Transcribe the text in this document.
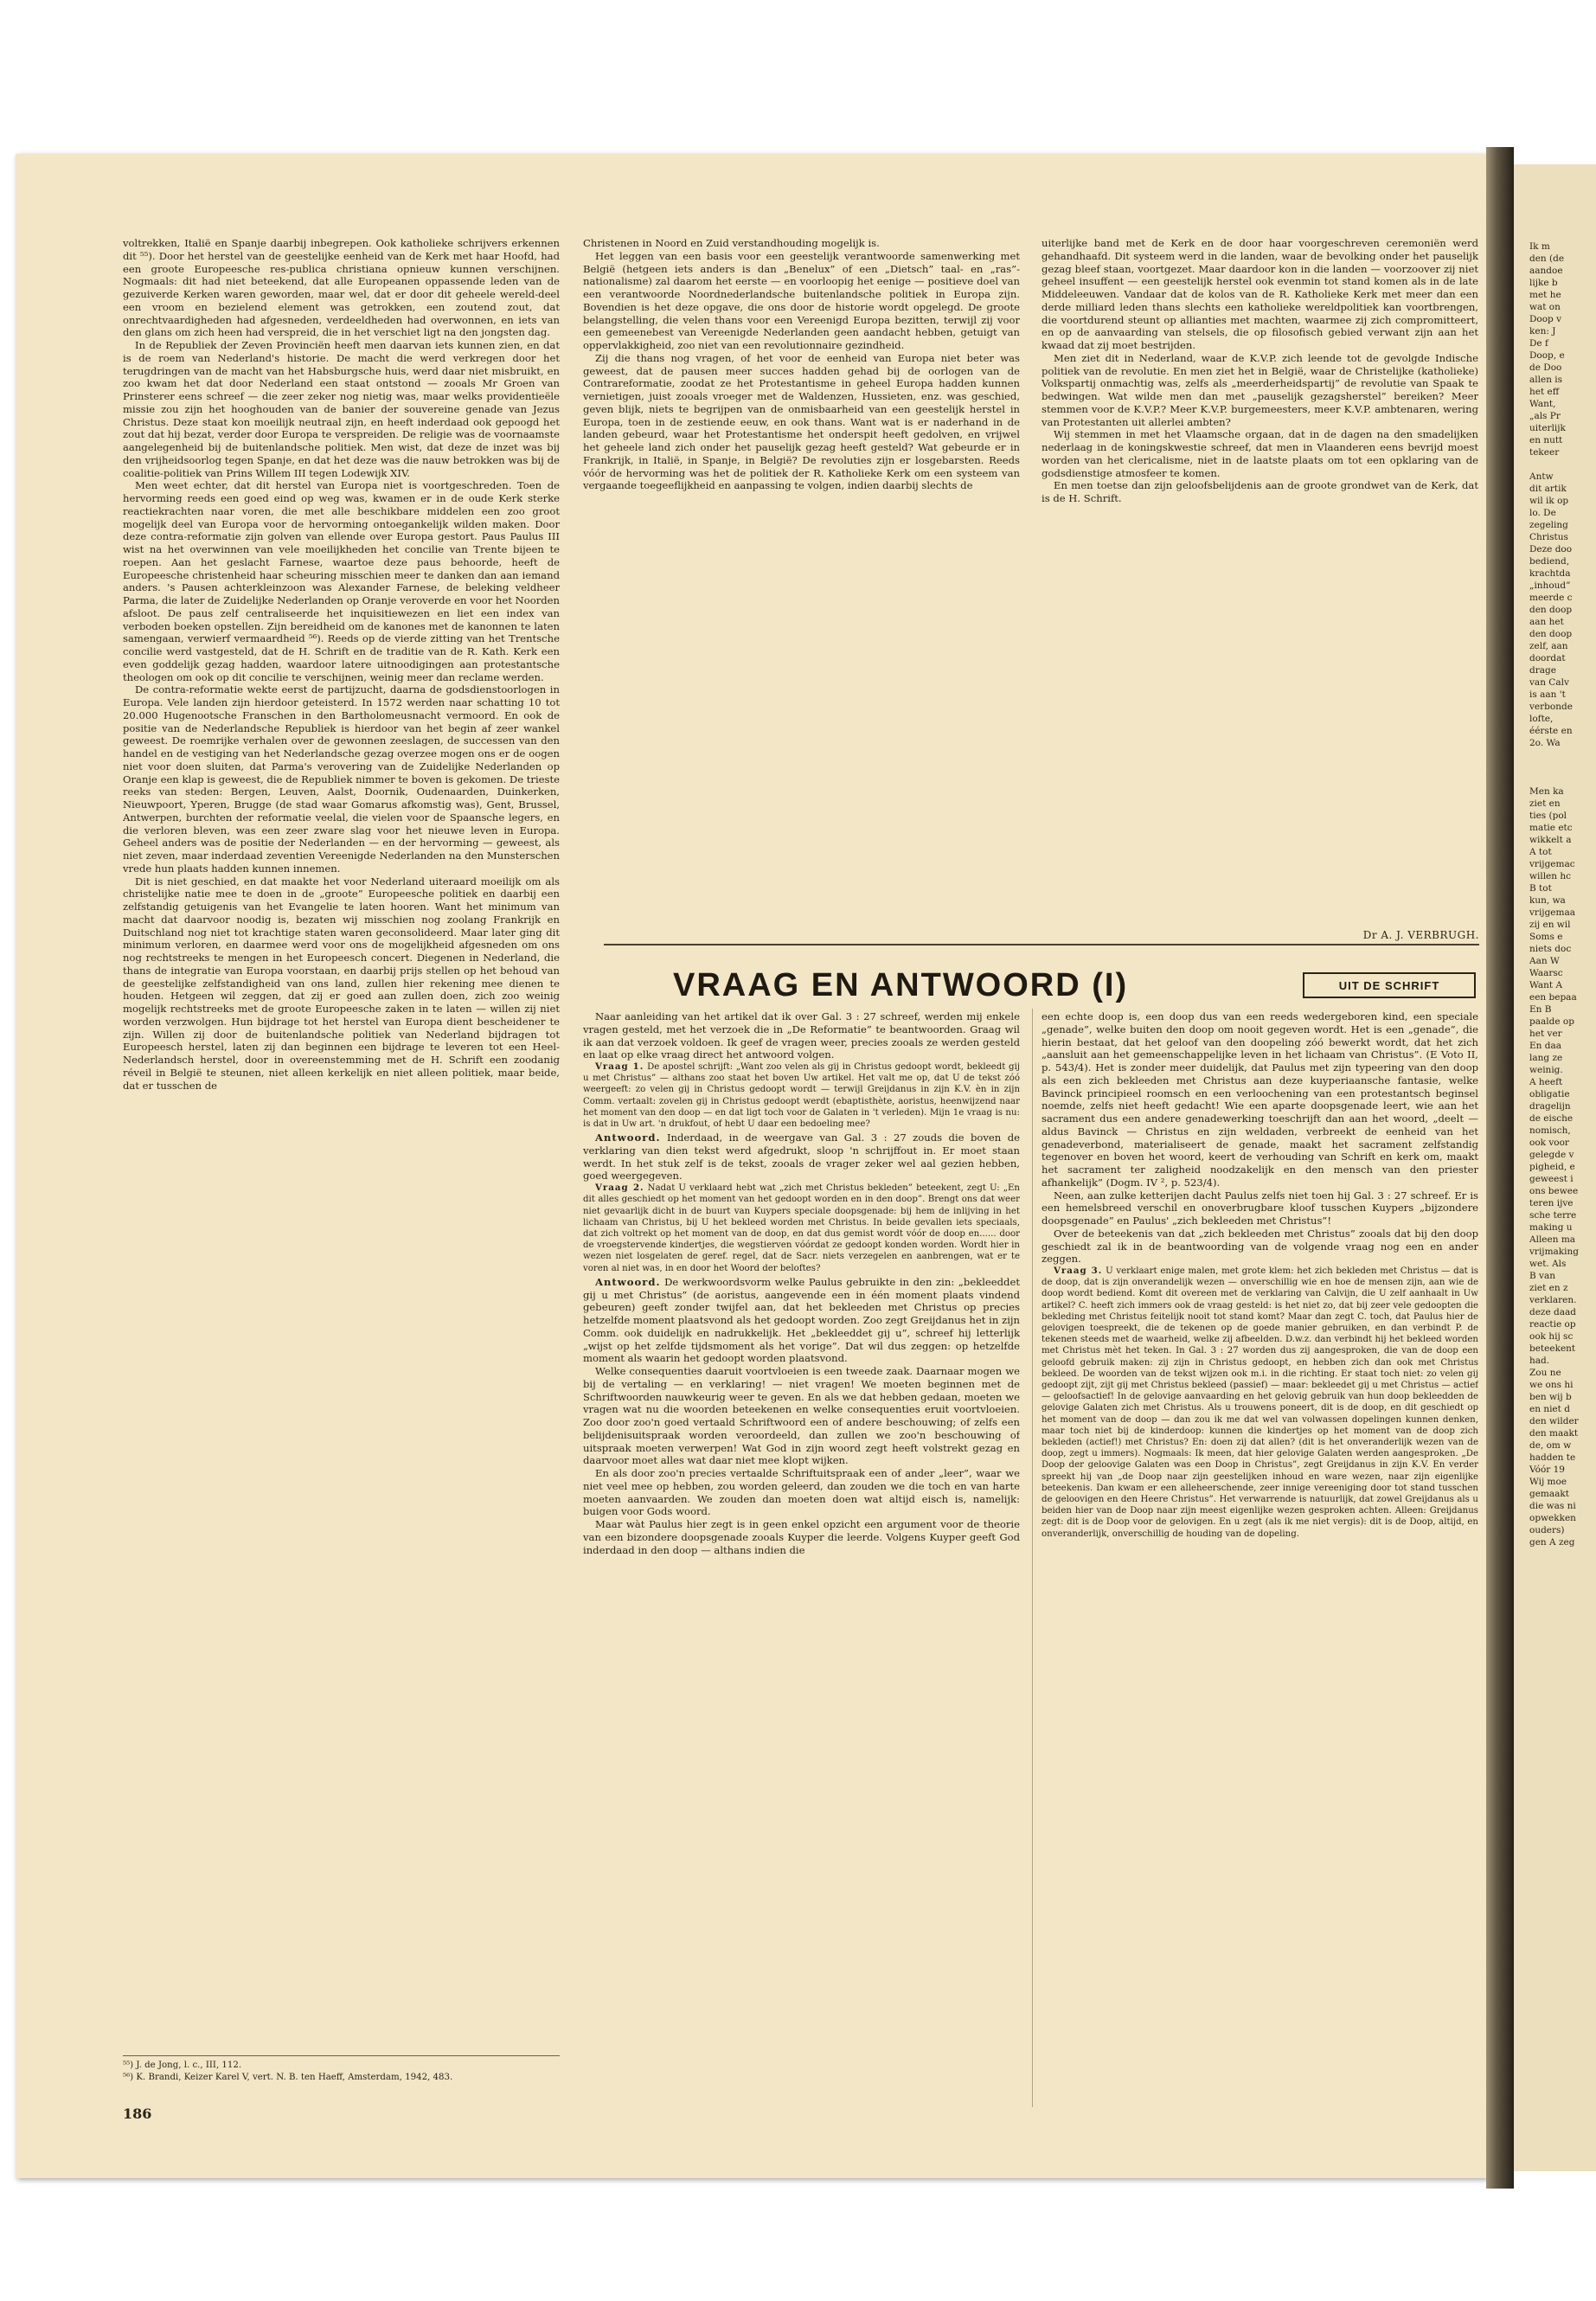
voltrekken, Italië en Spanje daarbij inbegrepen. Ook katholieke schrijvers erkennen dit ⁵⁵). Door het herstel van de geestelijke eenheid van de Kerk met haar Hoofd, had een groote Europeesche res-publica christiana opnieuw kunnen verschijnen. Nogmaals: dit had niet beteekend, dat alle Europeanen oppassende leden van de gezuiverde Kerken waren geworden, maar wel, dat er door dit geheele wereld-deel een vroom en bezielend element was getrokken, een zoutend zout, dat onrechtvaardigheden had afgesneden, verdeeldheden had overwonnen, en iets van den glans om zich heen had verspreid, die in het verschiet ligt na den jongsten dag.

In de Republiek der Zeven Provinciën heeft men daarvan iets kunnen zien, en dat is de roem van Nederland's historie. De macht die werd verkregen door het terugdringen van de macht van het Habsburgsche huis, werd daar niet misbruikt, en zoo kwam het dat door Nederland een staat ontstond — zooals Mr Groen van Prinsterer eens schreef — die zeer zeker nog nietig was, maar welks providentieële missie zou zijn het hooghouden van de banier der souvereine genade van Jezus Christus. Deze staat kon moeilijk neutraal zijn, en heeft inderdaad ook gepoogd het zout dat hij bezat, verder door Europa te verspreiden. De religie was de voornaamste aangelegenheid bij de buitenlandsche politiek. Men wist, dat deze de inzet was bij den vrijheidsoorlog tegen Spanje, en dat het deze was die nauw betrokken was bij de coalitie-politiek van Prins Willem III tegen Lodewijk XIV.

Men weet echter, dat dit herstel van Europa niet is voortgeschreden. Toen de hervorming reeds een goed eind op weg was, kwamen er in de oude Kerk sterke reactiekrachten naar voren, die met alle beschikbare middelen een zoo groot mogelijk deel van Europa voor de hervorming ontoegankelijk wilden maken. Door deze contra-reformatie zijn golven van ellende over Europa gestort. Paus Paulus III wist na het overwinnen van vele moeilijkheden het concilie van Trente bijeen te roepen. Aan het geslacht Farnese, waartoe deze paus behoorde, heeft de Europeesche christenheid haar scheuring misschien meer te danken dan aan iemand anders. 's Pausen achterkleinzoon was Alexander Farnese, de beleking veldheer Parma, die later de Zuidelijke Nederlanden op Oranje veroverde en voor het Noorden afsloot. De paus zelf centraliseerde het inquisitiewezen en liet een index van verboden boeken opstellen. Zijn bereidheid om de kanones met de kanonnen te laten samengaan, verwierf vermaardheid ⁵⁶). Reeds op de vierde zitting van het Trentsche concilie werd vastgesteld, dat de H. Schrift en de traditie van de R. Kath. Kerk een even goddelijk gezag hadden, waardoor latere uitnoodigingen aan protestantsche theologen om ook op dit concilie te verschijnen, weinig meer dan reclame werden.

De contra-reformatie wekte eerst de partijzucht, daarna de godsdienstoorlogen in Europa. Vele landen zijn hierdoor geteisterd. In 1572 werden naar schatting 10 tot 20.000 Hugenootsche Franschen in den Bartholomeusnacht vermoord. En ook de positie van de Nederlandsche Republiek is hierdoor van het begin af zeer wankel geweest. De roemrijke verhalen over de gewonnen zeeslagen, de successen van den handel en de vestiging van het Nederlandsche gezag overzee mogen ons er de oogen niet voor doen sluiten, dat Parma's verovering van de Zuidelijke Nederlanden op Oranje een klap is geweest, die de Republiek nimmer te boven is gekomen. De trieste reeks van steden: Bergen, Leuven, Aalst, Doornik, Oudenaarden, Duinkerken, Nieuwpoort, Yperen, Brugge (de stad waar Gomarus afkomstig was), Gent, Brussel, Antwerpen, burchten der reformatie veelal, die vielen voor de Spaansche legers, en die verloren bleven, was een zeer zware slag voor het nieuwe leven in Europa. Geheel anders was de positie der Nederlanden — en der hervorming — geweest, als niet zeven, maar inderdaad zeventien Vereenigde Nederlanden na den Munsterschen vrede hun plaats hadden kunnen innemen.

Dit is niet geschied, en dat maakte het voor Nederland uiteraard moeilijk om als christelijke natie mee te doen in de „groote” Europeesche politiek en daarbij een zelfstandig getuigenis van het Evangelie te laten hooren. Want het minimum van macht dat daarvoor noodig is, bezaten wij misschien nog zoolang Frankrijk en Duitschland nog niet tot krachtige staten waren geconsolideerd. Maar later ging dit minimum verloren, en daarmee werd voor ons de mogelijkheid afgesneden om ons nog rechtstreeks te mengen in het Europeesch concert. Diegenen in Nederland, die thans de integratie van Europa voorstaan, en daarbij prijs stellen op het behoud van de geestelijke zelfstandigheid van ons land, zullen hier rekening mee dienen te houden. Hetgeen wil zeggen, dat zij er goed aan zullen doen, zich zoo weinig mogelijk rechtstreeks met de groote Europeesche zaken in te laten — willen zij niet worden verzwolgen. Hun bijdrage tot het herstel van Europa dient bescheidener te zijn. Willen zij door de buitenlandsche politiek van Nederland bijdragen tot Europeesch herstel, laten zij dan beginnen een bijdrage te leveren tot een Heel-Nederlandsch herstel, door in overeenstemming met de H. Schrift een zoodanig réveil in België te steunen, niet alleen kerkelijk en niet alleen politiek, maar beide, dat er tusschen de

⁵⁵) J. de Jong, l. c., III, 112.
⁵⁶) K. Brandi, Keizer Karel V, vert. N. B. ten Haeff, Amsterdam, 1942, 483.
186

Christenen in Noord en Zuid verstandhouding mogelijk is.

Het leggen van een basis voor een geestelijk verantwoorde samenwerking met België (hetgeen iets anders is dan „Benelux” of een „Dietsch” taal- en „ras”-nationalisme) zal daarom het eerste — en voorloopig het eenige — positieve doel van een verantwoorde Noordnederlandsche buitenlandsche politiek in Europa zijn. Bovendien is het deze opgave, die ons door de historie wordt opgelegd. De groote belangstelling, die velen thans voor een Vereenigd Europa bezitten, terwijl zij voor een gemeenebest van Vereenigde Nederlanden geen aandacht hebben, getuigt van oppervlakkigheid, zoo niet van een revolutionnaire gezindheid.

Zij die thans nog vragen, of het voor de eenheid van Europa niet beter was geweest, dat de pausen meer succes hadden gehad bij de oorlogen van de Contrareformatie, zoodat ze het Protestantisme in geheel Europa hadden kunnen vernietigen, juist zooals vroeger met de Waldenzen, Hussieten, enz. was geschied, geven blijk, niets te begrijpen van de onmisbaarheid van een geestelijk herstel in Europa, toen in de zestiende eeuw, en ook thans. Want wat is er naderhand in de landen gebeurd, waar het Protestantisme het onderspit heeft gedolven, en vrijwel het geheele land zich onder het pauselijk gezag heeft gesteld? Wat gebeurde er in Frankrijk, in Italië, in Spanje, in België? De revoluties zijn er losgebarsten. Reeds vóór de hervorming was het de politiek der R. Katholieke Kerk om een systeem van vergaande toegeeflijkheid en aanpassing te volgen, indien daarbij slechts de

uiterlijke band met de Kerk en de door haar voorgeschreven ceremoniën werd gehandhaafd. Dit systeem werd in die landen, waar de bevolking onder het pauselijk gezag bleef staan, voortgezet. Maar daardoor kon in die landen — voorzoover zij niet geheel insuffent — een geestelijk herstel ook evenmin tot stand komen als in de late Middeleeuwen. Vandaar dat de kolos van de R. Katholieke Kerk met meer dan een derde milliard leden thans slechts een katholieke wereldpolitiek kan voortbrengen, die voortdurend steunt op allianties met machten, waarmee zij zich compromitteert, en op de aanvaarding van stelsels, die op filosofisch gebied verwant zijn aan het kwaad dat zij moet bestrijden.

Men ziet dit in Nederland, waar de K.V.P. zich leende tot de gevolgde Indische politiek van de revolutie. En men ziet het in België, waar de Christelijke (katholieke) Volkspartij onmachtig was, zelfs als „meerderheidspartij” de revolutie van Spaak te bedwingen. Wat wilde men dan met „pauselijk gezagsherstel” bereiken? Meer stemmen voor de K.V.P.? Meer K.V.P. burgemeesters, meer K.V.P. ambtenaren, wering van Protestanten uit allerlei ambten?

Wij stemmen in met het Vlaamsche orgaan, dat in de dagen na den smadelijken nederlaag in de koningskwestie schreef, dat men in Vlaanderen eens bevrijd moest worden van het clericalisme, niet in de laatste plaats om tot een opklaring van de godsdienstige atmosfeer te komen.

En men toetse dan zijn geloofsbelijdenis aan de groote grondwet van de Kerk, dat is de H. Schrift.

Dr A. J. VERBRUGH.
VRAAG EN ANTWOORD (I)	UIT DE SCHRIFT

Naar aanleiding van het artikel dat ik over Gal. 3 : 27 schreef, werden mij enkele vragen gesteld, met het verzoek die in „De Reformatie” te beantwoorden. Graag wil ik aan dat verzoek voldoen. Ik geef de vragen weer, precies zooals ze werden gesteld en laat op elke vraag direct het antwoord volgen.

Vraag 1. De apostel schrijft: „Want zoo velen als gij in Christus gedoopt wordt, bekleedt gij u met Christus” — althans zoo staat het boven Uw artikel. Het valt me op, dat U de tekst zóó weergeeft: zo velen gij in Christus gedoopt wordt — terwijl Greijdanus in zijn K.V. èn in zijn Comm. vertaalt: zovelen gij in Christus gedoopt werdt (ebaptisthète, aoristus, heenwijzend naar het moment van den doop — en dat ligt toch voor de Galaten in 't verleden). Mijn 1e vraag is nu: is dat in Uw art. 'n drukfout, of hebt U daar een bedoeling mee?

Antwoord. Inderdaad, in de weergave van Gal. 3 : 27 zouds die boven de verklaring van dien tekst werd afgedrukt, sloop 'n schrijffout in. Er moet staan werdt. In het stuk zelf is de tekst, zooals de vrager zeker wel aal gezien hebben, goed weergegeven.

Vraag 2. Nadat U verklaard hebt wat „zich met Christus bekleden” beteekent, zegt U: „En dit alles geschiedt op het moment van het gedoopt worden en in den doop”. Brengt ons dat weer niet gevaarlijk dicht in de buurt van Kuypers speciale doopsgenade: bij hem de inlijving in het lichaam van Christus, bij U het bekleed worden met Christus. In beide gevallen iets speciaals, dat zich voltrekt op het moment van de doop, en dat dus gemist wordt vóór de doop en...... door de vroegstervende kindertjes, die wegstierven vóórdat ze gedoopt konden worden. Wordt hier in wezen niet losgelaten de geref. regel, dat de Sacr. niets verzegelen en aanbrengen, wat er te voren al niet was, in en door het Woord der beloftes?

Antwoord. De werkwoordsvorm welke Paulus gebruikte in den zin: „bekleeddet gij u met Christus” (de aoristus, aangevende een in één moment plaats vindend gebeuren) geeft zonder twijfel aan, dat het bekleeden met Christus op precies hetzelfde moment plaatsvond als het gedoopt worden. Zoo zegt Greijdanus het in zijn Comm. ook duidelijk en nadrukkelijk. Het „bekleeddet gij u”, schreef hij letterlijk „wijst op het zelfde tijdsmoment als het vorige”. Dat wil dus zeggen: op hetzelfde moment als waarin het gedoopt worden plaatsvond.

Welke consequenties daaruit voortvloeien is een tweede zaak. Daarnaar mogen we bij de vertaling — en verklaring! — niet vragen! We moeten beginnen met de Schriftwoorden nauwkeurig weer te geven. En als we dat hebben gedaan, moeten we vragen wat nu die woorden beteekenen en welke consequenties eruit voortvloeien. Zoo door zoo'n goed vertaald Schriftwoord een of andere beschouwing; of zelfs een belijdenisuitspraak worden veroordeeld, dan zullen we zoo'n beschouwing of uitspraak moeten verwerpen! Wat God in zijn woord zegt heeft volstrekt gezag en daarvoor moet alles wat daar niet mee klopt wijken.

En als door zoo'n precies vertaalde Schriftuitspraak een of ander „leer”, waar we niet veel mee op hebben, zou worden geleerd, dan zouden we die toch en van harte moeten aanvaarden. We zouden dan moeten doen wat altijd eisch is, namelijk: buigen voor Gods woord.

Maar wàt Paulus hier zegt is in geen enkel opzicht een argument voor de theorie van een bizondere doopsgenade zooals Kuyper die leerde. Volgens Kuyper geeft God inderdaad in den doop — althans indien die

een echte doop is, een doop dus van een reeds wedergeboren kind, een speciale „genade”, welke buiten den doop om nooit gegeven wordt. Het is een „genade”, die hierin bestaat, dat het geloof van den doopeling zóó bewerkt wordt, dat het zich „aansluit aan het gemeenschappelijke leven in het lichaam van Christus”. (E Voto II, p. 543/4). Het is zonder meer duidelijk, dat Paulus met zijn typeering van den doop als een zich bekleeden met Christus aan deze kuyperiaansche fantasie, welke Bavinck principieel roomsch en een verloochening van een protestantsch beginsel noemde, zelfs niet heeft gedacht! Wie een aparte doopsgenade leert, wie aan het sacrament dus een andere genadewerking toeschrijft dan aan het woord, „deelt — aldus Bavinck — Christus en zijn weldaden, verbreekt de eenheid van het genadeverbond, materialiseert de genade, maakt het sacrament zelfstandig tegenover en boven het woord, keert de verhouding van Schrift en kerk om, maakt het sacrament ter zaligheid noodzakelijk en den mensch van den priester afhankelijk” (Dogm. IV ², p. 523/4).

Neen, aan zulke ketterijen dacht Paulus zelfs niet toen hij Gal. 3 : 27 schreef. Er is een hemelsbreed verschil en onoverbrugbare kloof tusschen Kuypers „bijzondere doopsgenade” en Paulus' „zich bekleeden met Christus”!

Over de beteekenis van dat „zich bekleeden met Christus” zooals dat bij den doop geschiedt zal ik in de beantwoording van de volgende vraag nog een en ander zeggen.

Vraag 3. U verklaart enige malen, met grote klem: het zich bekleden met Christus — dat is de doop, dat is zijn onverandelijk wezen — onverschillig wie en hoe de mensen zijn, aan wie de doop wordt bediend. Komt dit overeen met de verklaring van Calvijn, die U zelf aanhaalt in Uw artikel? C. heeft zich immers ook de vraag gesteld: is het niet zo, dat bij zeer vele gedoopten die bekleding met Christus feitelijk nooit tot stand komt? Maar dan zegt C. toch, dat Paulus hier de gelovigen toespreekt, die de tekenen op de goede manier gebruiken, en dan verbindt P. de tekenen steeds met de waarheid, welke zij afbeelden. D.w.z. dan verbindt hij het bekleed worden met Christus mèt het teken. In Gal. 3 : 27 worden dus zij aangesproken, die van de doop een geloofd gebruik maken: zij zijn in Christus gedoopt, en hebben zich dan ook met Christus bekleed. De woorden van de tekst wijzen ook m.i. in die richting. Er staat toch niet: zo velen gij gedoopt zijt, zijt gij met Christus bekleed (passief) — maar: bekleedet gij u met Christus — actief — geloofsactief! In de gelovige aanvaarding en het gelovig gebruik van hun doop bekleedden de gelovige Galaten zich met Christus. Als u trouwens poneert, dit is de doop, en dit geschiedt op het moment van de doop — dan zou ik me dat wel van volwassen dopelingen kunnen denken, maar toch niet bij de kinderdoop: kunnen die kindertjes op het moment van de doop zich bekleden (actief!) met Christus? En: doen zij dat allen? (dit is het onveranderlijk wezen van de doop, zegt u immers). Nogmaals: Ik meen, dat hier gelovige Galaten werden aangesproken. „De Doop der geloovige Galaten was een Doop in Christus”, zegt Greijdanus in zijn K.V. En verder spreekt hij van „de Doop naar zijn geestelijken inhoud en ware wezen, naar zijn eigenlijke beteekenis. Dan kwam er een alleheerschende, zeer innige vereeniging door tot stand tusschen de geloovigen en den Heere Christus”. Het verwarrende is natuurlijk, dat zowel Greijdanus als u beiden hier van de Doop naar zijn meest eigenlijke wezen gesproken achten. Alleen: Greijdanus zegt: dit is de Doop voor de gelovigen. En u zegt (als ik me niet vergis): dit is de Doop, altijd, en onveranderlijk, onverschillig de houding van de dopeling.

Ik m
den (de
aandoe
lijke b
met he
wat on
Doop v
ken: J
De f
Doop, e
de Doo
allen is
het eff
Want,
„als Pr
uiterlijk
en nutt
tekeer
Antw
dit artik
wil ik op
lo. De
zegeling
Christus
Deze doo
bediend,
krachtda
„inhoud”
meerde c
den doop
aan het
den doop
zelf, aan
doordat
drage
van Calv
is aan 't
verbonde
lofte,
éérste en
2o. Wa
Men ka
ziet en
ties (pol
matie etc
wikkelt a
A tot
vrijgemac
willen hc
B tot
kun, wa
vrijgemaa
zij en wil
Soms e
niets doc
Aan W
Waarsc
Want A
een bepaa
En B
paalde op
het ver
En daa
lang ze
weinig.
A heeft
obligatie
dragelijn
de eische
nomisch,
ook voor
gelegde v
pigheid, e
geweest i
ons bewee
teren ijve
sche terre
making u
Alleen ma
vrijmaking
wet. Als
B van
ziet en z
verklaren.
deze daad
reactie op
ook hij sc
beteekent
had.
Zou ne
we ons hi
ben wij b
en niet d
den wilder
den maakt
de, om w
hadden te
Vóór 19
Wij moe
gemaakt
die was ni
opwekken
ouders)
gen A zeg
